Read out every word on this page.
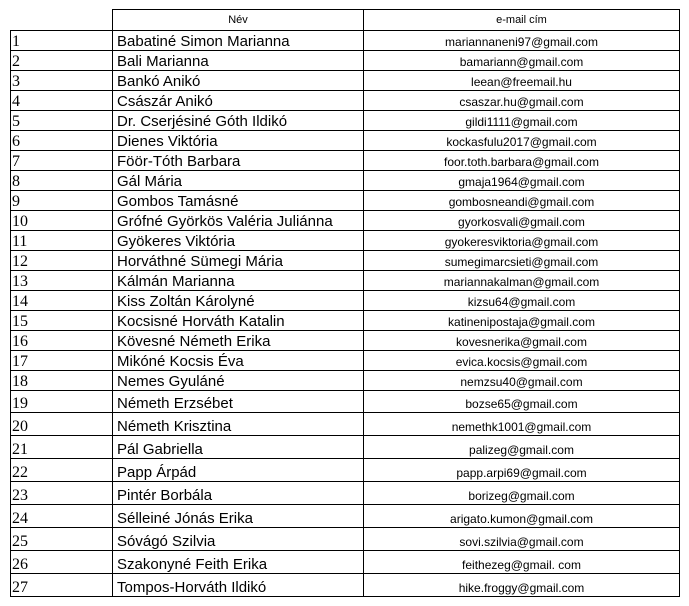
	Név	e-mail cím
1	Babatiné Simon Marianna	mariannaneni97@gmail.com
2	Bali Marianna	bamariann@gmail.com
3	Bankó Anikó	leean@freemail.hu
4	Császár Anikó	csaszar.hu@gmail.com
5	Dr. Cserjésiné Góth Ildikó	gildi1111@gmail.com
6	Dienes Viktória	kockasfulu2017@gmail.com
7	Föör-Tóth Barbara	foor.toth.barbara@gmail.com
8	Gál Mária	gmaja1964@gmail.com
9	Gombos Tamásné	gombosneandi@gmail.com
10	Grófné Györkös Valéria Juliánna	gyorkosvali@gmail.com
11	Gyökeres Viktória	gyokeresviktoria@gmail.com
12	Horváthné Sümegi Mária	sumegimarcsieti@gmail.com
13	Kálmán Marianna	mariannakalman@gmail.com
14	Kiss Zoltán Károlyné	kizsu64@gmail.com
15	Kocsisné Horváth Katalin	katinenipostaja@gmail.com
16	Kövesné Németh Erika	kovesnerika@gmail.com
17	Mikóné Kocsis Éva	evica.kocsis@gmail.com
18	Nemes Gyuláné	nemzsu40@gmail.com
19	Németh Erzsébet	bozse65@gmail.com
20	Németh Krisztina	nemethk1001@gmail.com
21	Pál Gabriella	palizeg@gmail.com
22	Papp Árpád	papp.arpi69@gmail.com
23	Pintér Borbála	borizeg@gmail.com
24	Sélleiné Jónás Erika	arigato.kumon@gmail.com
25	Sóvágó Szilvia	sovi.szilvia@gmail.com
26	Szakonyné Feith Erika	feithezeg@gmail. com
27	Tompos-Horváth Ildikó	hike.froggy@gmail.com
